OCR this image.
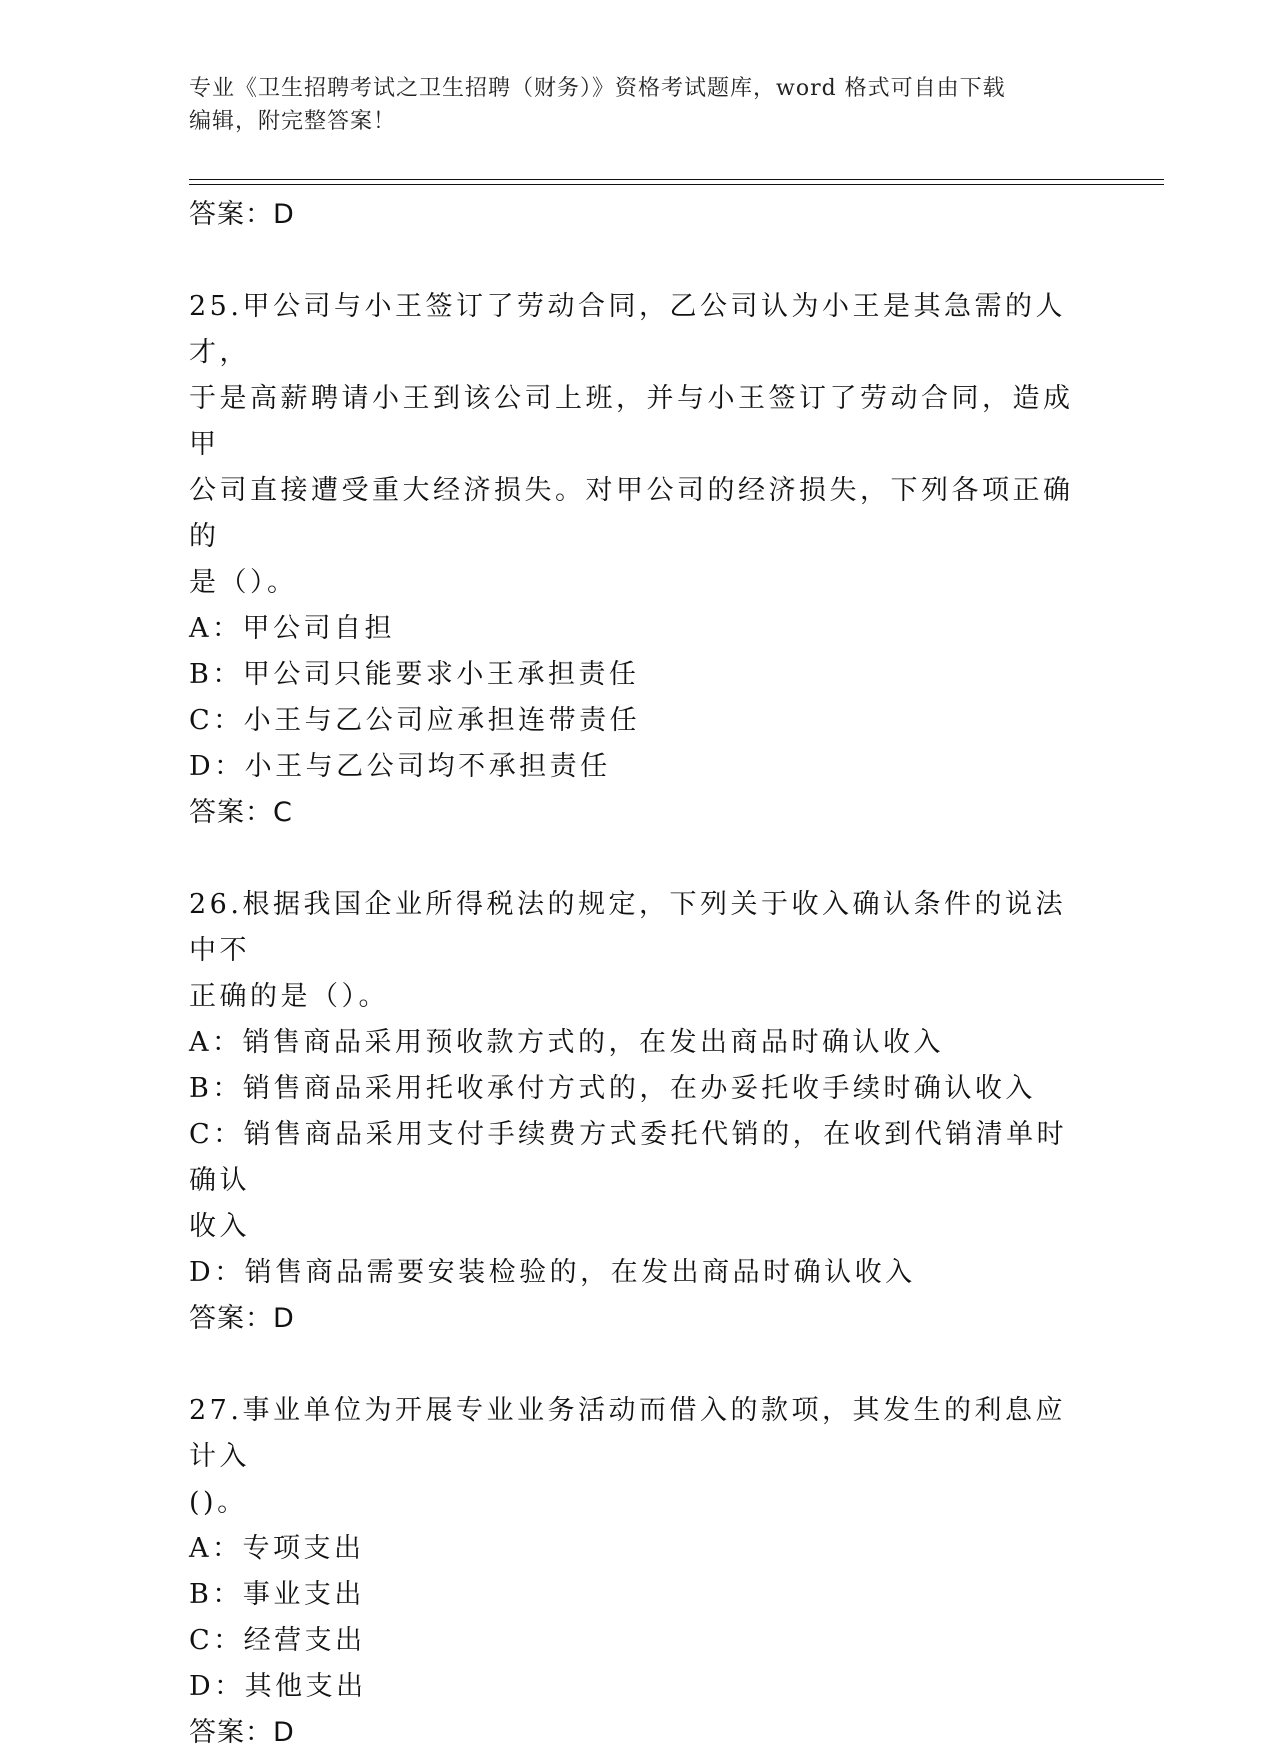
专业《卫生招聘考试之卫生招聘（财务）》资格考试题库，word 格式可自由下载
编辑，附完整答案！
答案：D
25.甲公司与小王签订了劳动合同，乙公司认为小王是其急需的人才，
于是高薪聘请小王到该公司上班，并与小王签订了劳动合同，造成甲
公司直接遭受重大经济损失。对甲公司的经济损失，下列各项正确的
是（）。
A：甲公司自担
B：甲公司只能要求小王承担责任
C：小王与乙公司应承担连带责任
D：小王与乙公司均不承担责任
答案：C
26.根据我国企业所得税法的规定，下列关于收入确认条件的说法中不
正确的是（）。
A：销售商品采用预收款方式的，在发出商品时确认收入
B：销售商品采用托收承付方式的，在办妥托收手续时确认收入
C：销售商品采用支付手续费方式委托代销的，在收到代销清单时确认
收入
D：销售商品需要安装检验的，在发出商品时确认收入
答案：D
27.事业单位为开展专业业务活动而借入的款项，其发生的利息应计入
()。
A：专项支出
B：事业支出
C：经营支出
D：其他支出
答案：D
